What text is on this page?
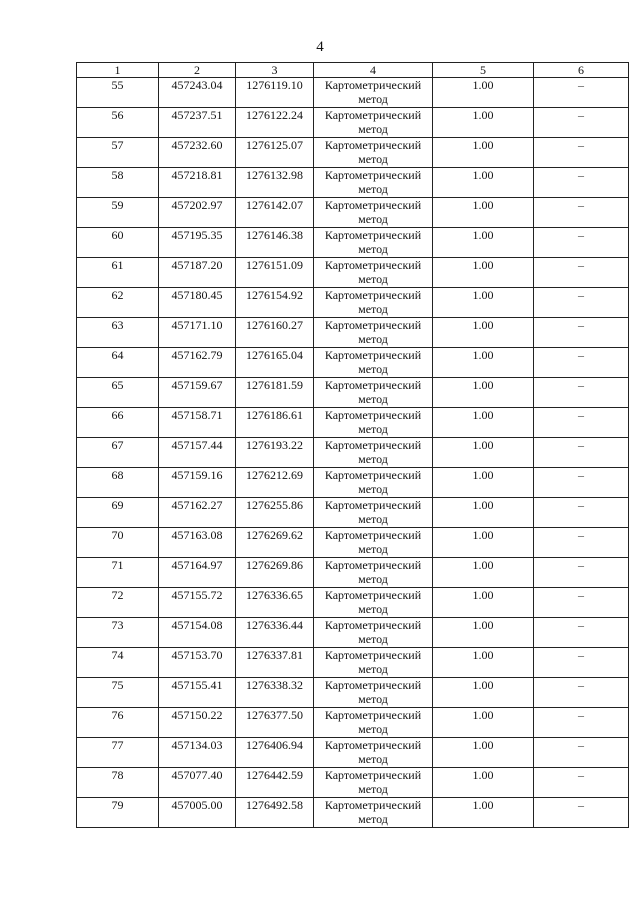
4
1	2	3	4	5	6
55	457243.04	1276119.10	Картометрический метод	1.00	–
56	457237.51	1276122.24	Картометрический метод	1.00	–
57	457232.60	1276125.07	Картометрический метод	1.00	–
58	457218.81	1276132.98	Картометрический метод	1.00	–
59	457202.97	1276142.07	Картометрический метод	1.00	–
60	457195.35	1276146.38	Картометрический метод	1.00	–
61	457187.20	1276151.09	Картометрический метод	1.00	–
62	457180.45	1276154.92	Картометрический метод	1.00	–
63	457171.10	1276160.27	Картометрический метод	1.00	–
64	457162.79	1276165.04	Картометрический метод	1.00	–
65	457159.67	1276181.59	Картометрический метод	1.00	–
66	457158.71	1276186.61	Картометрический метод	1.00	–
67	457157.44	1276193.22	Картометрический метод	1.00	–
68	457159.16	1276212.69	Картометрический метод	1.00	–
69	457162.27	1276255.86	Картометрический метод	1.00	–
70	457163.08	1276269.62	Картометрический метод	1.00	–
71	457164.97	1276269.86	Картометрический метод	1.00	–
72	457155.72	1276336.65	Картометрический метод	1.00	–
73	457154.08	1276336.44	Картометрический метод	1.00	–
74	457153.70	1276337.81	Картометрический метод	1.00	–
75	457155.41	1276338.32	Картометрический метод	1.00	–
76	457150.22	1276377.50	Картометрический метод	1.00	–
77	457134.03	1276406.94	Картометрический метод	1.00	–
78	457077.40	1276442.59	Картометрический метод	1.00	–
79	457005.00	1276492.58	Картометрический метод	1.00	–
